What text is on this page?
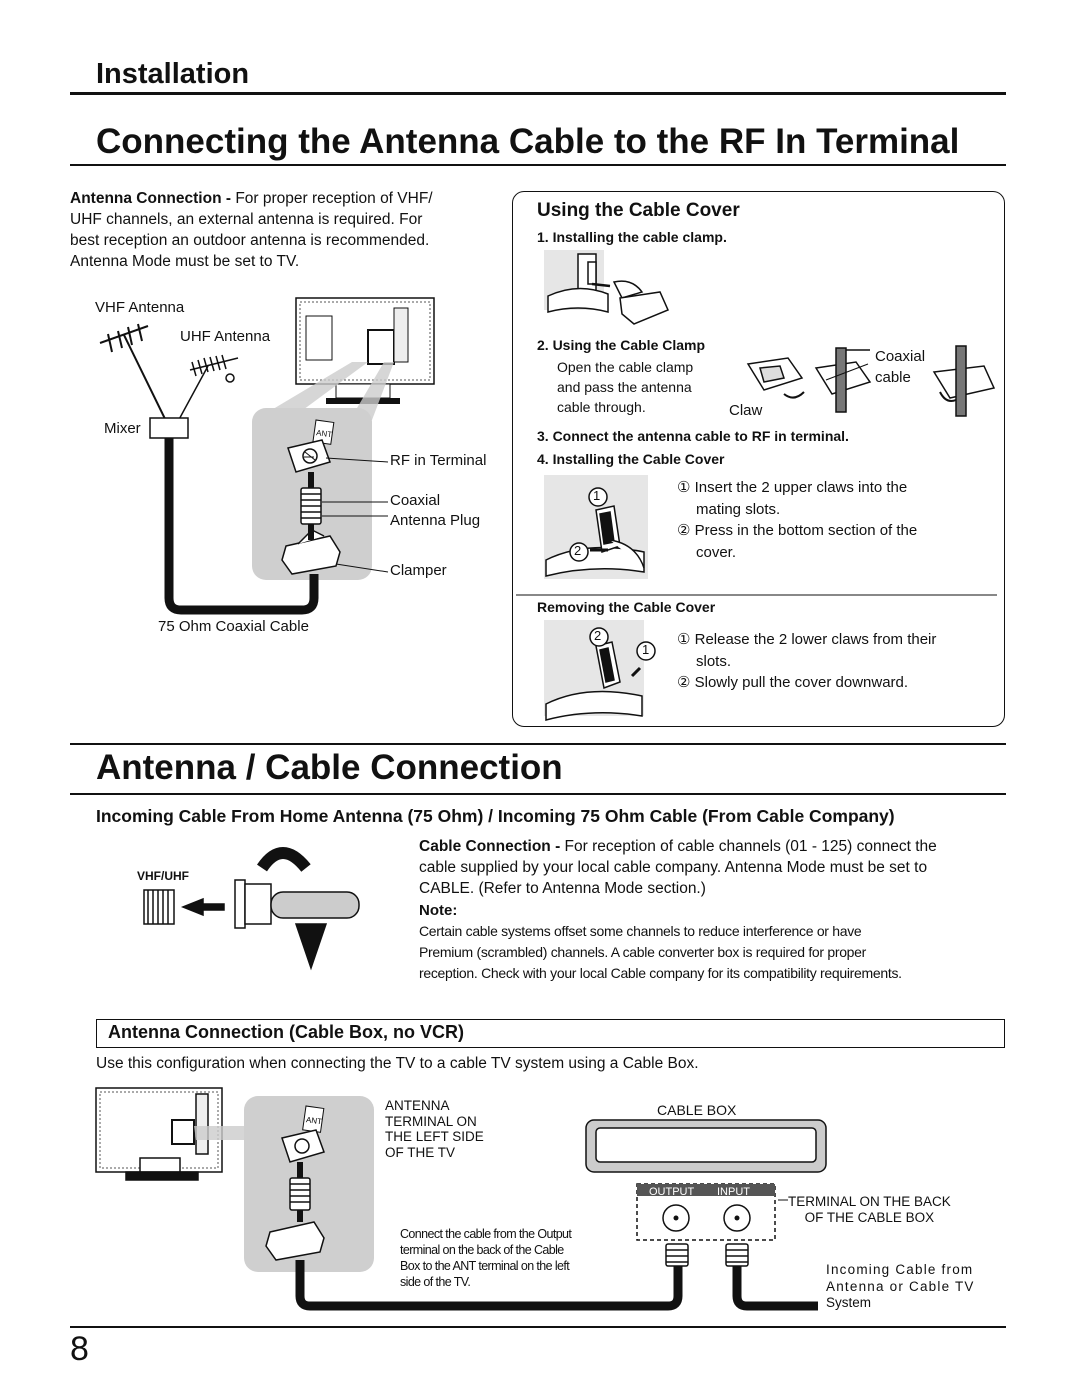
Installation
Connecting the Antenna Cable to the RF In Terminal
Antenna Connection - For proper reception of VHF/
UHF channels, an external antenna is required. For
best reception an outdoor antenna is recommended.
Antenna Mode must be set to TV.
ANT
VHF Antenna
UHF Antenna
Mixer
RF in Terminal
Coaxial
Antenna Plug
Clamper
75 Ohm Coaxial Cable
Using the Cable Cover
1. Installing the cable clamp.
2. Using the Cable Clamp
Open the cable clamp
and pass the antenna
cable through.	Claw
Coaxial
cable
3. Connect the antenna cable to RF in terminal.
4. Installing the Cable Cover
1
2
① Insert the 2 upper claws into the
mating slots.
② Press in the bottom section of the
cover.
Removing the Cable Cover
2
1
① Release the 2 lower claws from their
slots.
② Slowly pull the cover downward.
Antenna / Cable Connection
Incoming Cable From Home Antenna (75 Ohm) / Incoming 75 Ohm Cable (From Cable Company)
VHF/UHF
Cable Connection - For reception of cable channels (01 - 125) connect the
cable supplied by your local cable company. Antenna Mode must be set to
CABLE. (Refer to Antenna Mode section.)
Note:
Certain cable systems offset some channels to reduce interference or have
Premium (scrambled) channels. A cable converter box is required for proper
reception. Check with your local Cable company for its compatibility requirements.
Antenna Connection (Cable Box, no VCR)
Use this configuration when connecting the TV to a cable TV system using a Cable Box.
ANT
ANTENNA
TERMINAL ON
THE LEFT SIDE
OF THE TV
CABLE BOX
OUTPUT INPUT
TERMINAL ON THE BACK
OF THE CABLE BOX
Connect the cable from the Output
terminal on the back of the Cable
Box to the ANT terminal on the left
side of the TV.
Incoming Cable from
Antenna or Cable TV
System
8
